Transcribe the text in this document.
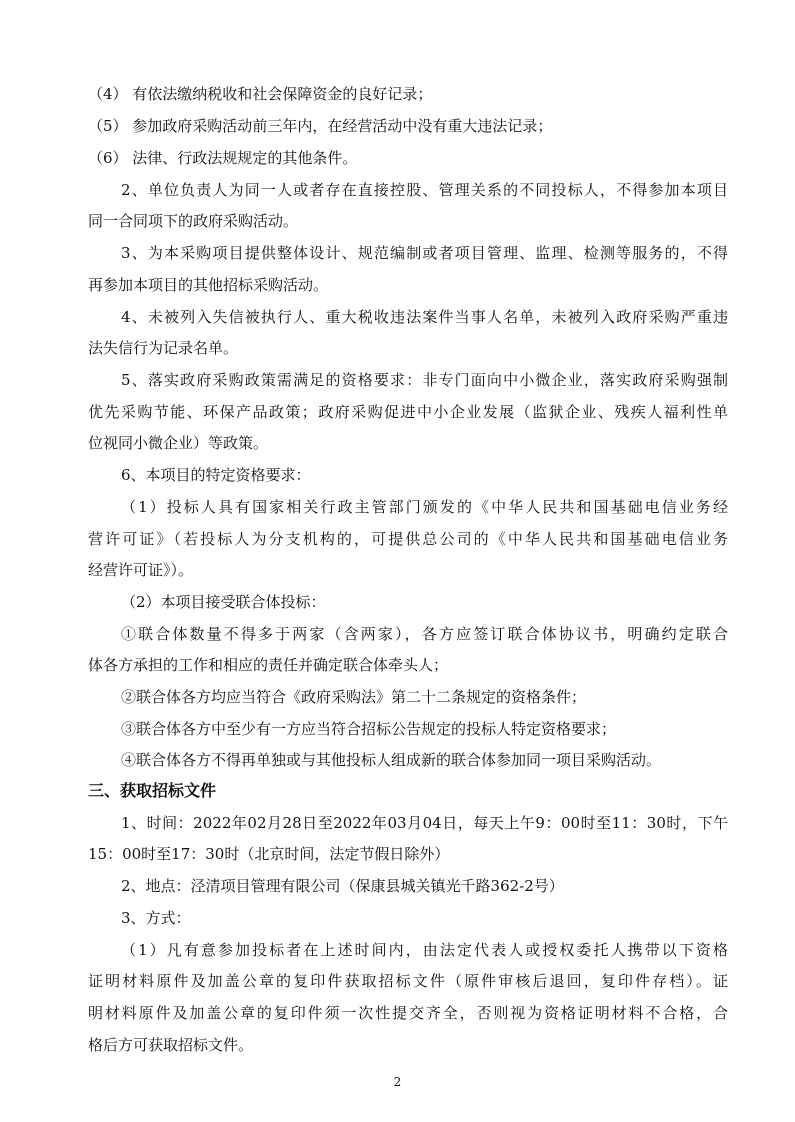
（4） 有依法缴纳税收和社会保障资金的良好记录；
（5） 参加政府采购活动前三年内，在经营活动中没有重大违法记录；
（6） 法律、行政法规规定的其他条件。
2、单位负责人为同一人或者存在直接控股、管理关系的不同投标人，不得参加本项目
同一合同项下的政府采购活动。
3、为本采购项目提供整体设计、规范编制或者项目管理、监理、检测等服务的，不得
再参加本项目的其他招标采购活动。
4、未被列入失信被执行人、重大税收违法案件当事人名单，未被列入政府采购严重违
法失信行为记录名单。
5、落实政府采购政策需满足的资格要求：非专门面向中小微企业，落实政府采购强制
优先采购节能、环保产品政策；政府采购促进中小企业发展（监狱企业、残疾人福利性单
位视同小微企业）等政策。
6、本项目的特定资格要求：
（1）投标人具有国家相关行政主管部门颁发的《中华人民共和国基础电信业务经
营许可证》（若投标人为分支机构的，可提供总公司的《中华人民共和国基础电信业务
经营许可证》）。
（2）本项目接受联合体投标：
①联合体数量不得多于两家（含两家），各方应签订联合体协议书，明确约定联合
体各方承担的工作和相应的责任并确定联合体牵头人；
②联合体各方均应当符合《政府采购法》第二十二条规定的资格条件；
③联合体各方中至少有一方应当符合招标公告规定的投标人特定资格要求；
④联合体各方不得再单独或与其他投标人组成新的联合体参加同一项目采购活动。
三、获取招标文件
1、时间：2022年02月28日至2022年03月04日，每天上午9：00时至11：30时，下午
15：00时至17：30时（北京时间，法定节假日除外）
2、地点：泾清项目管理有限公司（保康县城关镇光千路362-2号）
3、方式：
（1）凡有意参加投标者在上述时间内，由法定代表人或授权委托人携带以下资格
证明材料原件及加盖公章的复印件获取招标文件（原件审核后退回，复印件存档）。证
明材料原件及加盖公章的复印件须一次性提交齐全，否则视为资格证明材料不合格，合
格后方可获取招标文件。
2
